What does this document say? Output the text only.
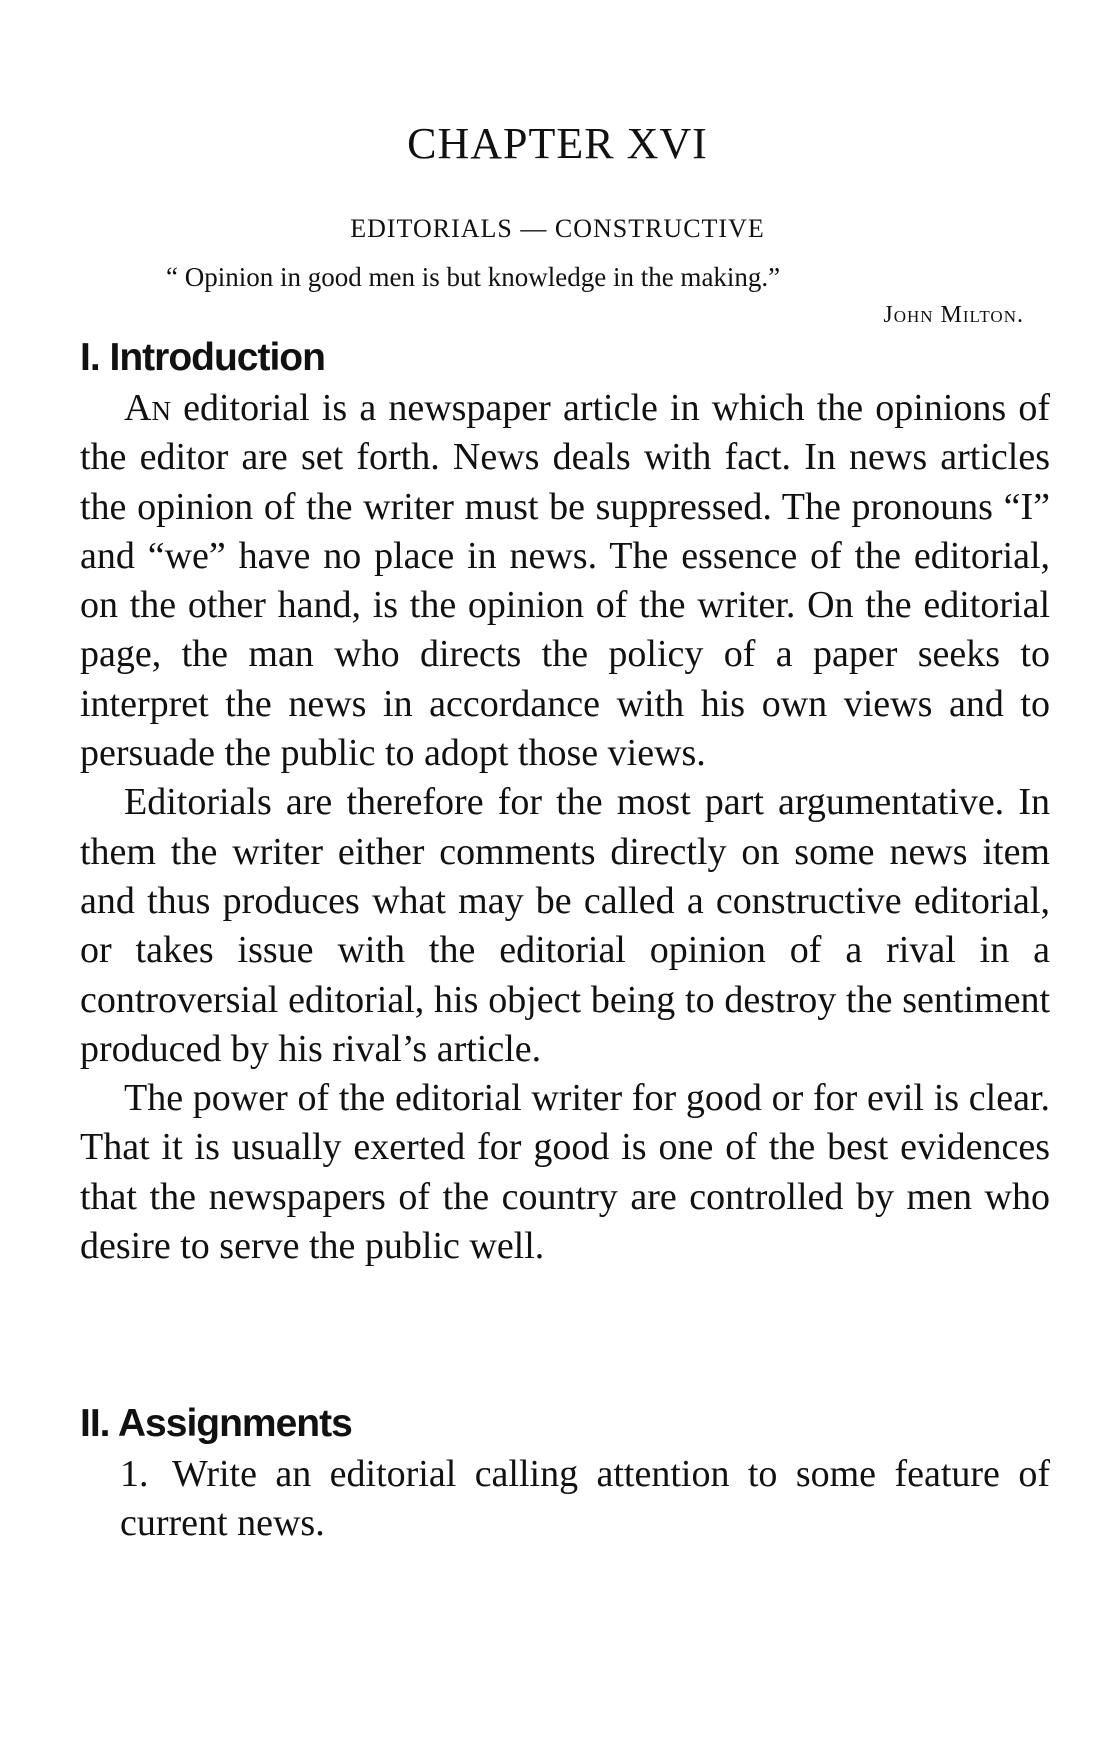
CHAPTER XVI
EDITORIALS — CONSTRUCTIVE
“ Opinion in good men is but knowledge in the making.”
John Milton.
I. Introduction

An editorial is a newspaper article in which the opinions of the editor are set forth. News deals with fact. In news articles the opinion of the writer must be suppressed. The pronouns “I” and “we” have no place in news. The essence of the editorial, on the other hand, is the opinion of the writer. On the editorial page, the man who directs the policy of a paper seeks to interpret the news in accordance with his own views and to persuade the public to adopt those views.

Editorials are therefore for the most part argumentative. In them the writer either comments directly on some news item and thus produces what may be called a constructive editorial, or takes issue with the editorial opinion of a rival in a controversial editorial, his object being to destroy the sentiment produced by his rival’s article.

The power of the editorial writer for good or for evil is clear. That it is usually exerted for good is one of the best evidences that the newspapers of the country are controlled by men who desire to serve the public well.

II. Assignments
1. Write an editorial calling attention to some feature of current news.
